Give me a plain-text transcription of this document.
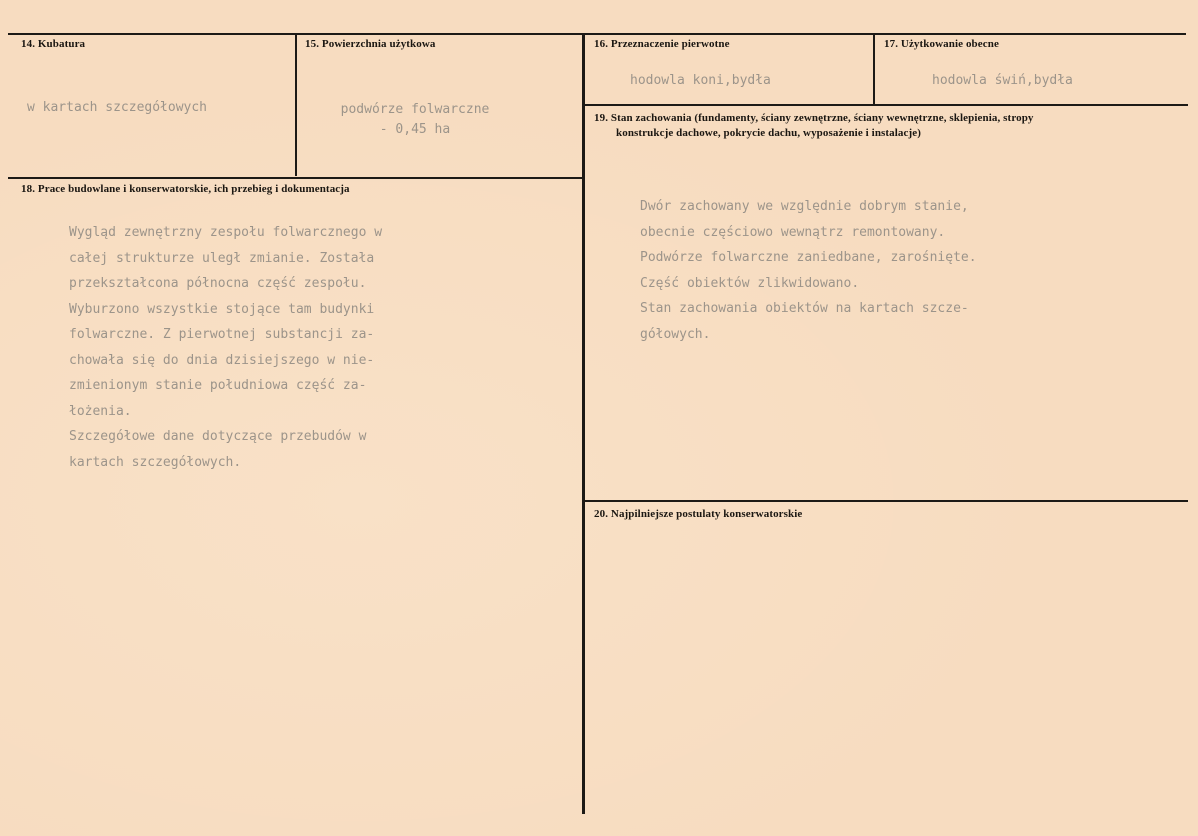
14. Kubatura
w kartach szczegółowych
15. Powierzchnia użytkowa
podwórze folwarczne
- 0,45 ha
16. Przeznaczenie pierwotne
hodowla koni,bydła
17. Użytkowanie obecne
hodowla świń,bydła
18. Prace budowlane i konserwatorskie, ich przebieg i dokumentacja
Wygląd zewnętrzny zespołu folwarcznego w
całej strukturze uległ zmianie. Została
przekształcona północna część zespołu.
Wyburzono wszystkie stojące tam budynki
folwarczne. Z pierwotnej substancji za-
chowała się do dnia dzisiejszego w nie-
zmienionym stanie południowa część za-
łożenia.
Szczegółowe dane dotyczące przebudów w
kartach szczegółowych.
19. Stan zachowania (fundamenty, ściany zewnętrzne, ściany wewnętrzne, sklepienia, stropy
konstrukcje dachowe, pokrycie dachu, wyposażenie i instalacje)
Dwór zachowany we względnie dobrym stanie,
obecnie częściowo wewnątrz remontowany.
Podwórze folwarczne zaniedbane, zarośnięte.
Część obiektów zlikwidowano.
Stan zachowania obiektów na kartach szcze-
gółowych.
20. Najpilniejsze postulaty konserwatorskie
